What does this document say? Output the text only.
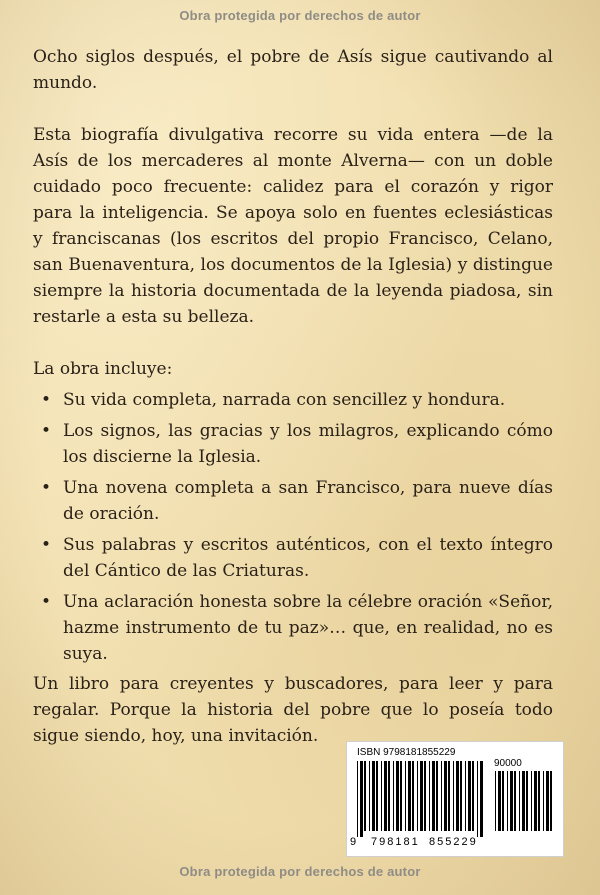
Obra protegida por derechos de autor

Ocho siglos después, el pobre de Asís sigue cautivando al mundo.

Esta biografía divulgativa recorre su vida entera —de la Asís de los mercaderes al monte Alverna— con un doble cuidado poco frecuente: calidez para el corazón y rigor para la inteligencia. Se apoya solo en fuentes eclesiásticas y franciscanas (los escritos del propio Francisco, Celano, san Buenaventura, los documentos de la Iglesia) y distingue siempre la historia documentada de la leyenda piadosa, sin restarle a esta su belleza.

La obra incluye:

• Su vida completa, narrada con sencillez y hondura.
• Los signos, las gracias y los milagros, explicando cómo los discierne la Iglesia.
• Una novena completa a san Francisco, para nueve días de oración.
• Sus palabras y escritos auténticos, con el texto íntegro del Cántico de las Criaturas.
• Una aclaración honesta sobre la célebre oración «Señor, hazme instrumento de tu paz»… que, en realidad, no es suya.

Un libro para creyentes y buscadores, para leer y para regalar. Porque la historia del pobre que lo poseía todo sigue siendo, hoy, una invitación.

ISBN 9798181855229
90000
9 798181 855229
Obra protegida por derechos de autor
